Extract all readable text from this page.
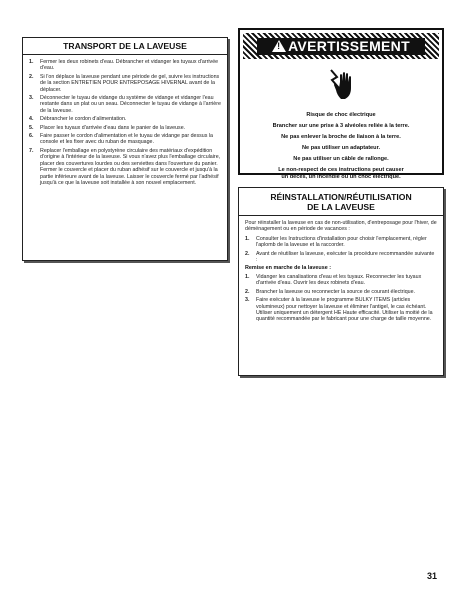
TRANSPORT DE LA LAVEUSE
1. Fermer les deux robinets d'eau. Débrancher et vidanger les tuyaux d'arrivée d'eau.
2. Si l'on déplace la laveuse pendant une période de gel, suivre les instructions de la section ENTRETIEN POUR ENTREPOSAGE HIVERNAL avant de la déplacer.
3. Déconnecter le tuyau de vidange du système de vidange et vidanger l'eau restante dans un plat ou un seau. Déconnecter le tuyau de vidange à l'arrière de la laveuse.
4. Débrancher le cordon d'alimentation.
5. Placer les tuyaux d'arrivée d'eau dans le panier de la laveuse.
6. Faire passer le cordon d'alimentation et le tuyau de vidange par dessus la console et les fixer avec du ruban de masquage.
7. Replacer l'emballage en polystyrène circulaire des matériaux d'expédition d'origine à l'intérieur de la laveuse. Si vous n'avez plus l'emballage circulaire, placer des couvertures lourdes ou des serviettes dans l'ouverture du panier. Fermer le couvercle et placer du ruban adhésif sur le couvercle et jusqu'à la partie inférieure avant de la laveuse. Laisser le couvercle fermé par l'adhésif jusqu'à ce que la laveuse soit installée à son nouvel emplacement.
! AVERTISSEMENT
Risque de choc électrique
Brancher sur une prise à 3 alvéoles reliée à la terre.
Ne pas enlever la broche de liaison à la terre.
Ne pas utiliser un adaptateur.
Ne pas utiliser un câble de rallonge.
Le non-respect de ces instructions peut causer
un décès, un incendie ou un choc électrique.
RÉINSTALLATION/RÉUTILISATION
DE LA LAVEUSE

Pour réinstaller la laveuse en cas de non-utilisation, d'entreposage pour l'hiver, de déménagement ou en période de vacances :

1. Consulter les Instructions d'installation pour choisir l'emplacement, régler l'aplomb de la laveuse et la raccorder.
2. Avant de réutiliser la laveuse, exécuter la procédure recommandée suivante :
Remise en marche de la laveuse :
1. Vidanger les canalisations d'eau et les tuyaux. Reconnecter les tuyaux d'arrivée d'eau. Ouvrir les deux robinets d'eau.
2. Brancher la laveuse ou reconnecter la source de courant électrique.
3. Faire exécuter à la laveuse le programme BULKY ITEMS (articles volumineux) pour nettoyer la laveuse et éliminer l'antigel, le cas échéant. Utiliser uniquement un détergent HE Haute efficacité. Utiliser la moitié de la quantité recommandée par le fabricant pour une charge de taille moyenne.
31
